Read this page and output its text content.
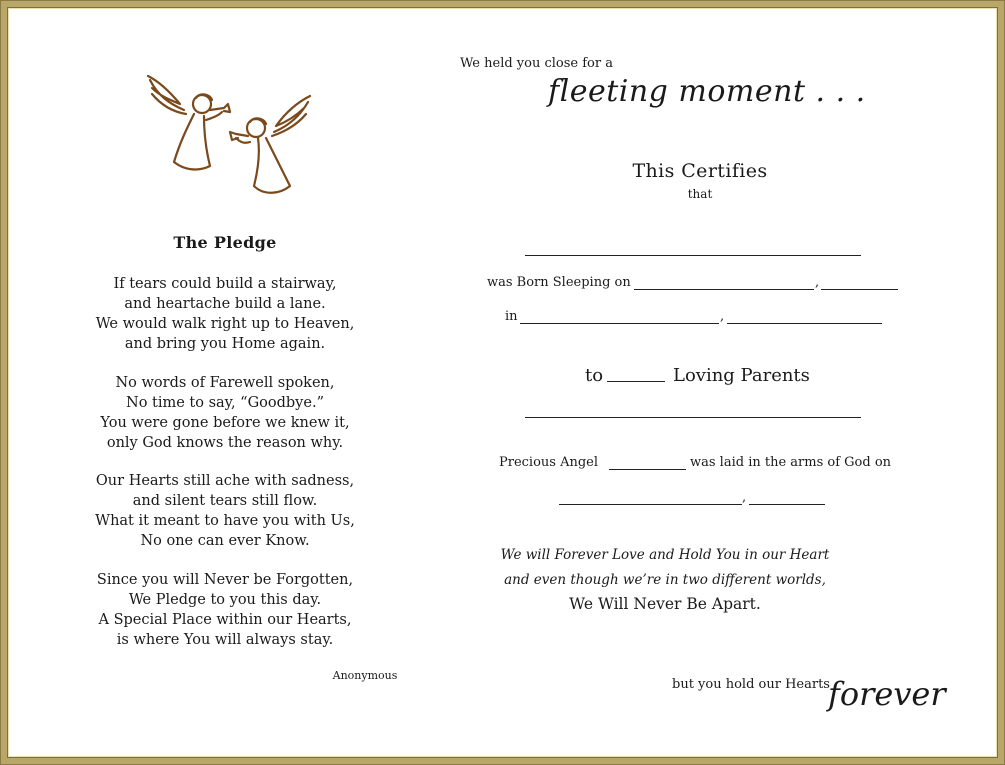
The Pledge
If tears could build a stairway,
and heartache build a lane.
We would walk right up to Heaven,
and bring you Home again.
No words of Farewell spoken,
No time to say, “Goodbye.”
You were gone before we knew it,
only God knows the reason why.
Our Hearts still ache with sadness,
and silent tears still flow.
What it meant to have you with Us,
No one can ever Know.
Since you will Never be Forgotten,
We Pledge to you this day.
A Special Place within our Hearts,
is where You will always stay.
Anonymous
We held you close for a
fleeting moment . . .
This Certifies
that
was Born Sleeping on	,
in	,
to	Loving Parents
Precious Angel	was laid in the arms of God on
,
We will Forever Love and Hold You in our Heart
and even though we’re in two different worlds,
We Will Never Be Apart.
but you hold our Hearts
forever
